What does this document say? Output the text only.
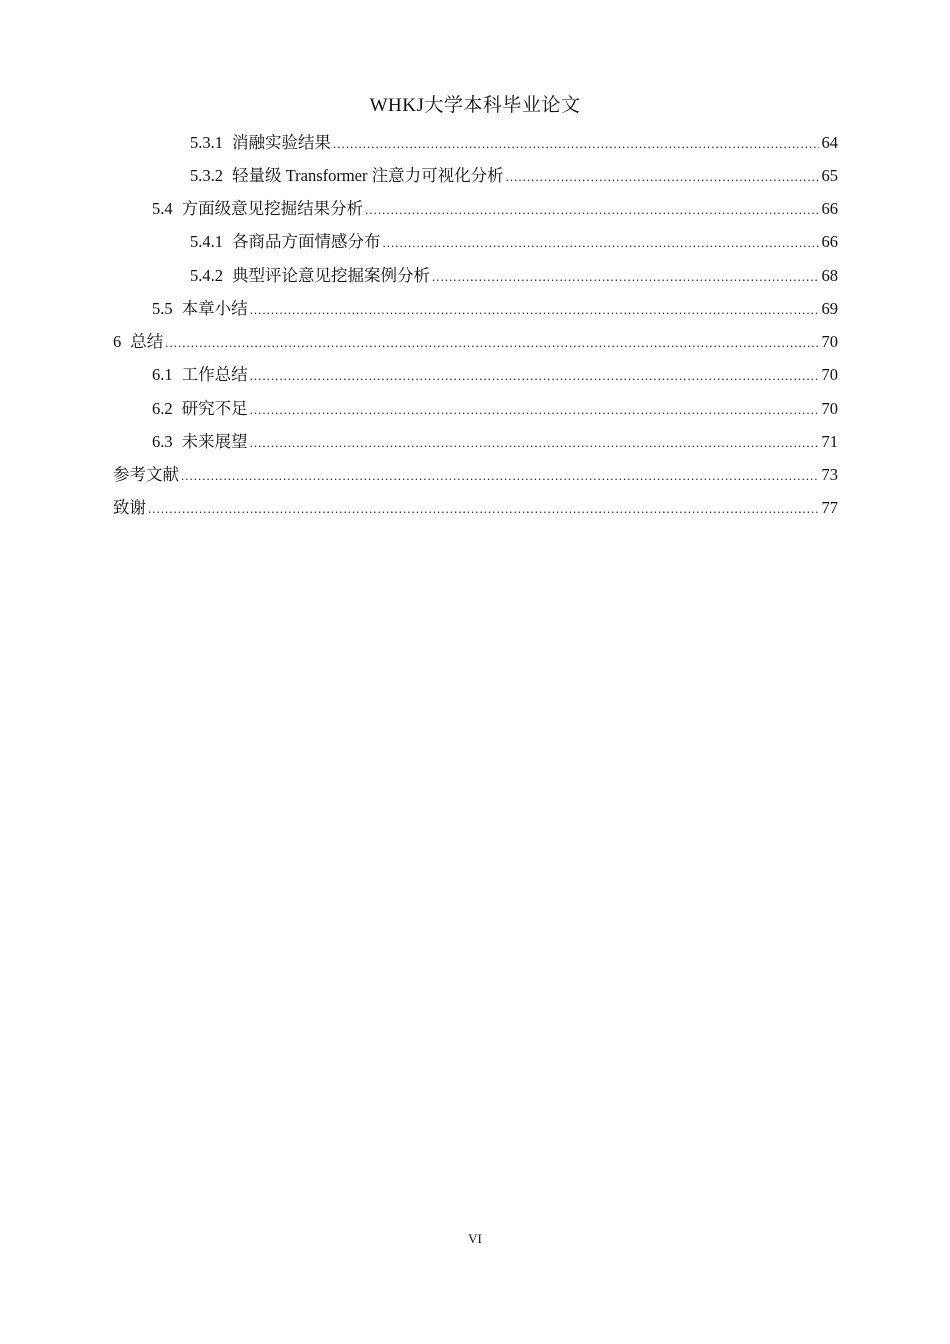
WHKJ大学本科毕业论文
5.3.1 消融实验结果 .....	64
5.3.2 轻量级 Transformer 注意力可视化分析 .....	65
5.4 方面级意见挖掘结果分析 .....	66
5.4.1 各商品方面情感分布 .....	66
5.4.2 典型评论意见挖掘案例分析 .....	68
5.5 本章小结 .....	69
6 总结 .....	70
6.1 工作总结 .....	70
6.2 研究不足 .....	70
6.3 未来展望 .....	71
参考文献 .....	73
致谢 .....	77
VI
